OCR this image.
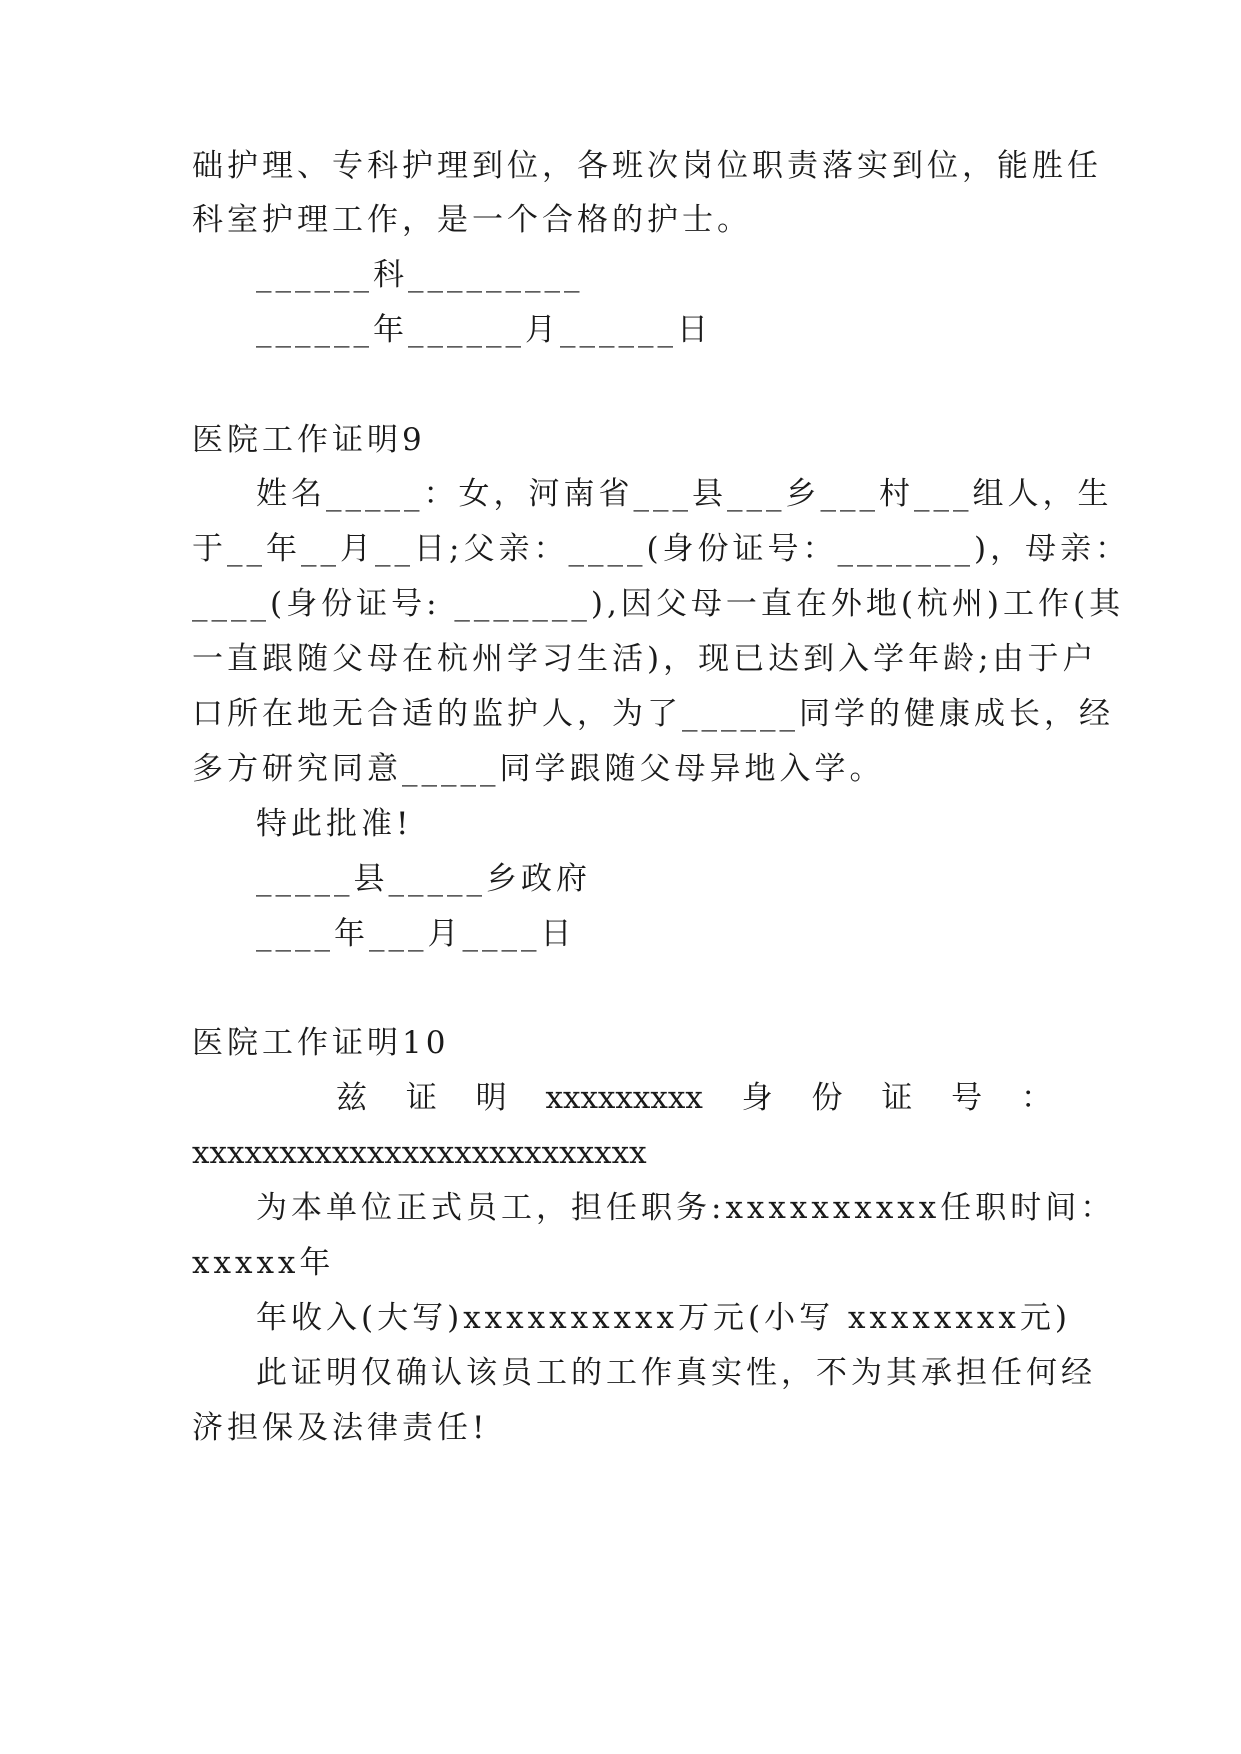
础护理、专科护理到位，各班次岗位职责落实到位，能胜任
科室护理工作，是一个合格的护士。
______科_________
______年______月______日
医院工作证明9
姓名_____：女，河南省___县___乡___村___组人，生
于__年__月__日;父亲：____(身份证号：_______)，母亲：
____(身份证号: _______),因父母一直在外地(杭州)工作(其
一直跟随父母在杭州学习生活)，现已达到入学年龄;由于户
口所在地无合适的监护人，为了______同学的健康成长，经
多方研究同意_____同学跟随父母异地入学。
特此批准!
_____县_____乡政府
____年___月____日
医院工作证明10
兹 证 明 xxxxxxxxx 身 份 证 号 ：
xxxxxxxxxxxxxxxxxxxxxxxxxx
为本单位正式员工，担任职务:xxxxxxxxxx任职时间：
xxxxx年
年收入(大写)xxxxxxxxxx万元(小写 xxxxxxxx元)
此证明仅确认该员工的工作真实性，不为其承担任何经
济担保及法律责任!
